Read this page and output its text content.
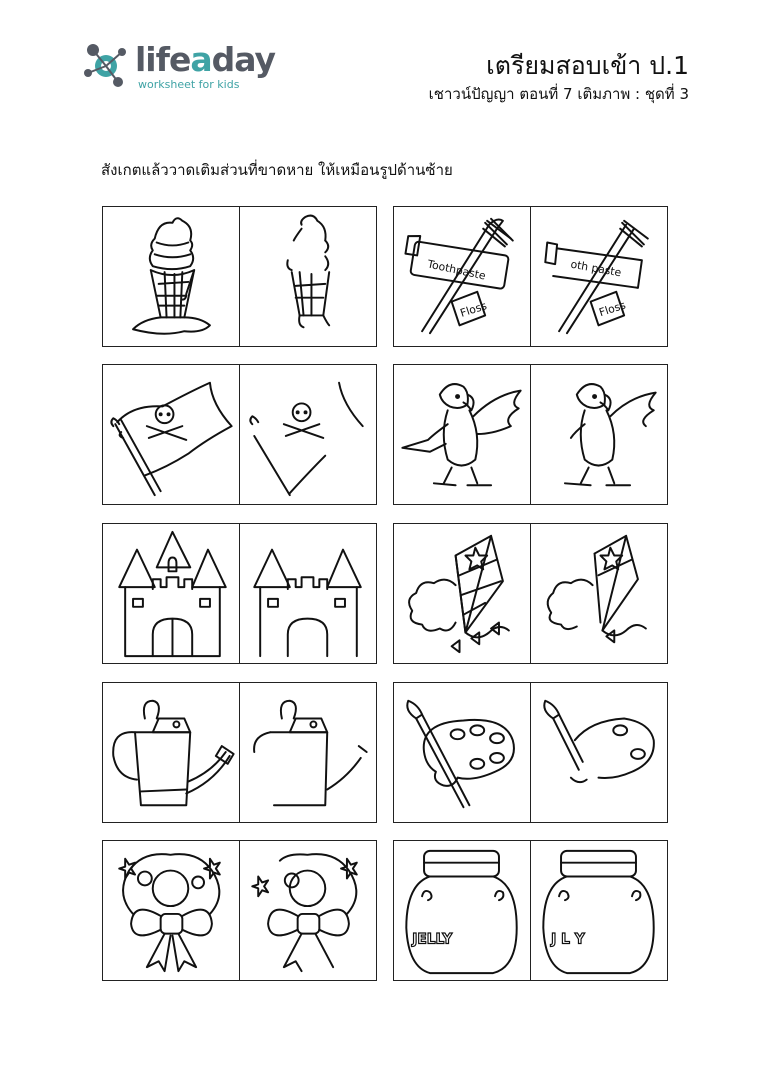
lifeaday
worksheet for kids
เตรียมสอบเข้า ป.1
เชาวน์ปัญญา ตอนที่ 7 เติมภาพ : ชุดที่ 3
สังเกตแล้ววาดเติมส่วนที่ขาดหาย ให้เหมือนรูปด้านซ้าย
Toothpaste
Floss
oth paste
Floss
JELLY	J L Y
